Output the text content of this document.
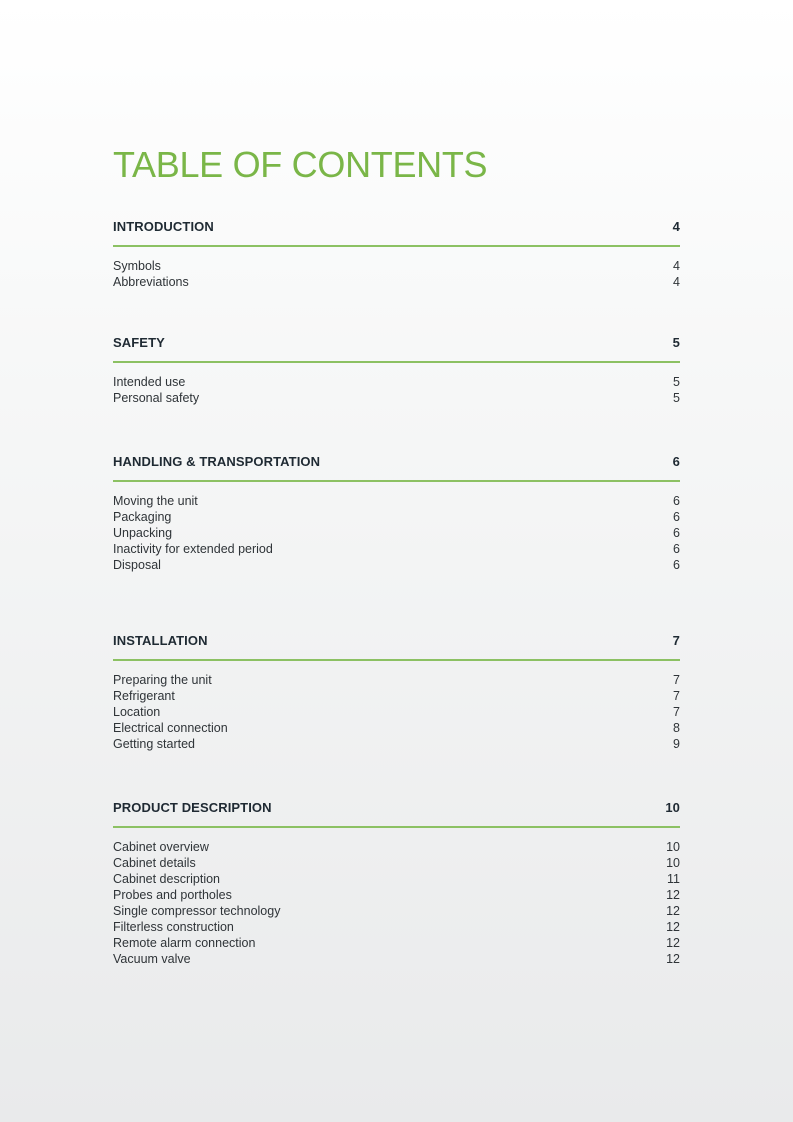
TABLE OF CONTENTS
INTRODUCTION	4
Symbols	4
Abbreviations	4
SAFETY	5
Intended use	5
Personal safety	5
HANDLING & TRANSPORTATION	6
Moving the unit	6
Packaging	6
Unpacking	6
Inactivity for extended period	6
Disposal	6
INSTALLATION	7
Preparing the unit	7
Refrigerant	7
Location	7
Electrical connection	8
Getting started	9
PRODUCT DESCRIPTION	10
Cabinet overview	10
Cabinet details	10
Cabinet description	11
Probes and portholes	12
Single compressor technology	12
Filterless construction	12
Remote alarm connection	12
Vacuum valve	12
